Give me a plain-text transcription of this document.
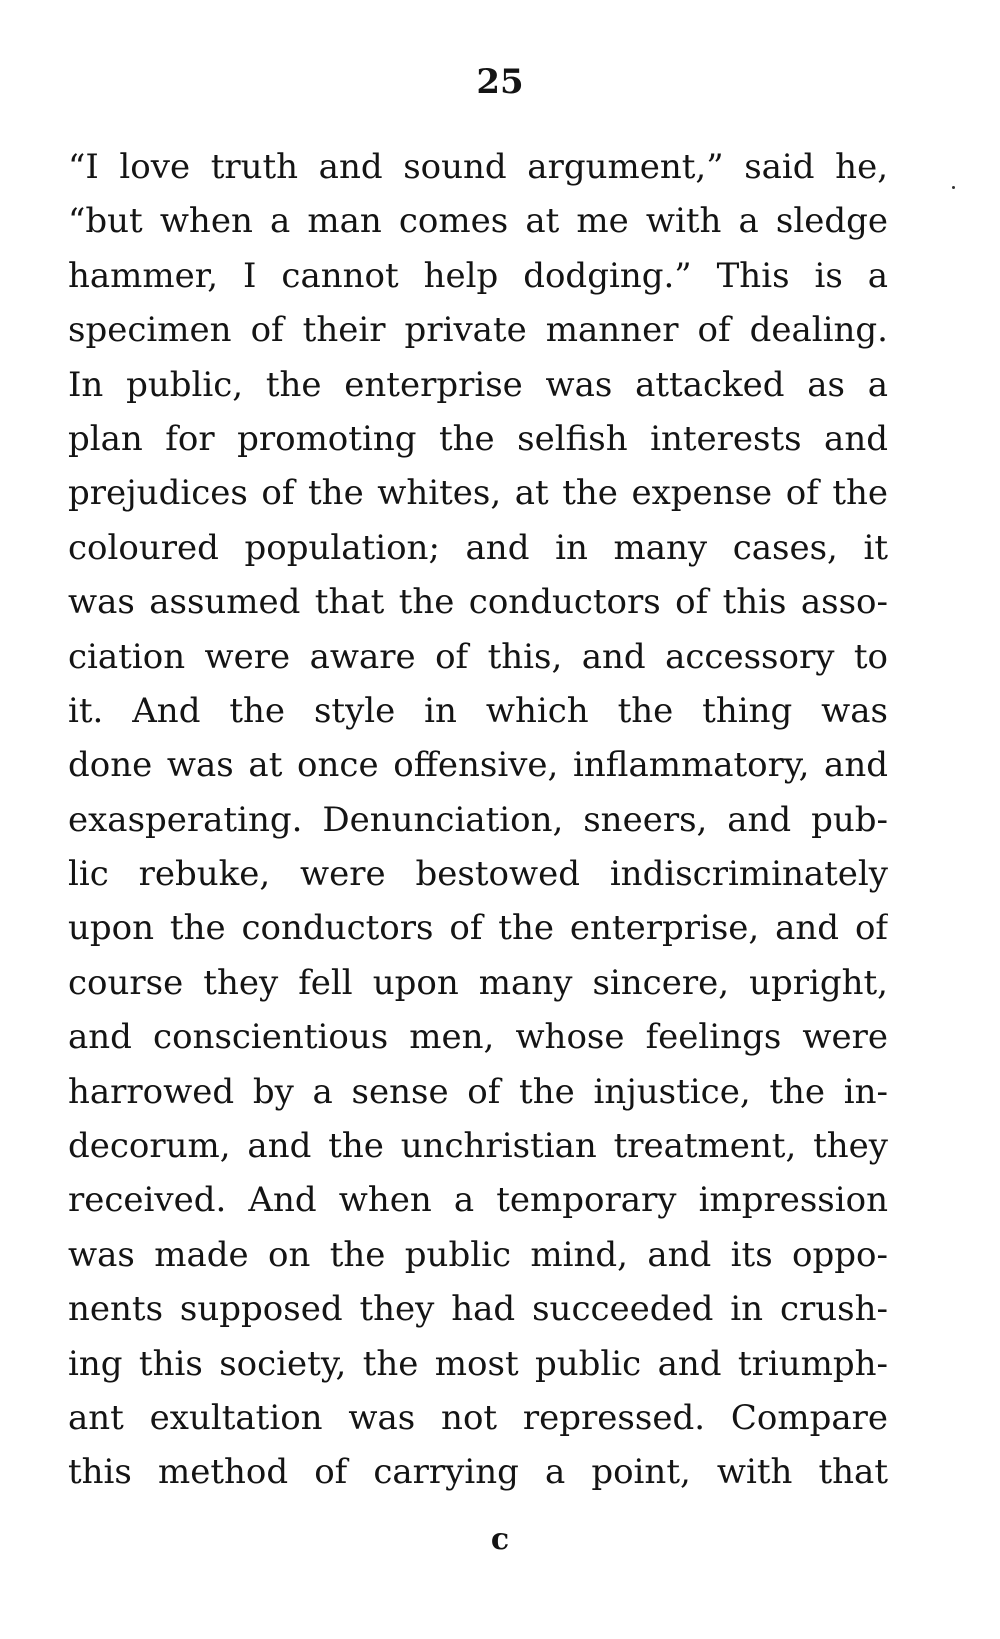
25
“I love truth and sound argument,” said he,
“but when a man comes at me with a sledge
hammer, I cannot help dodging.” This is a
specimen of their private manner of dealing.
In public, the enterprise was attacked as a
plan for promoting the selfish interests and
prejudices of the whites, at the expense of the
coloured population; and in many cases, it
was assumed that the conductors of this asso-
ciation were aware of this, and accessory to
it. And the style in which the thing was
done was at once offensive, inflammatory, and
exasperating. Denunciation, sneers, and pub-
lic rebuke, were bestowed indiscriminately
upon the conductors of the enterprise, and of
course they fell upon many sincere, upright,
and conscientious men, whose feelings were
harrowed by a sense of the injustice, the in-
decorum, and the unchristian treatment, they
received. And when a temporary impression
was made on the public mind, and its oppo-
nents supposed they had succeeded in crush-
ing this society, the most public and triumph-
ant exultation was not repressed. Compare
this method of carrying a point, with that
c
